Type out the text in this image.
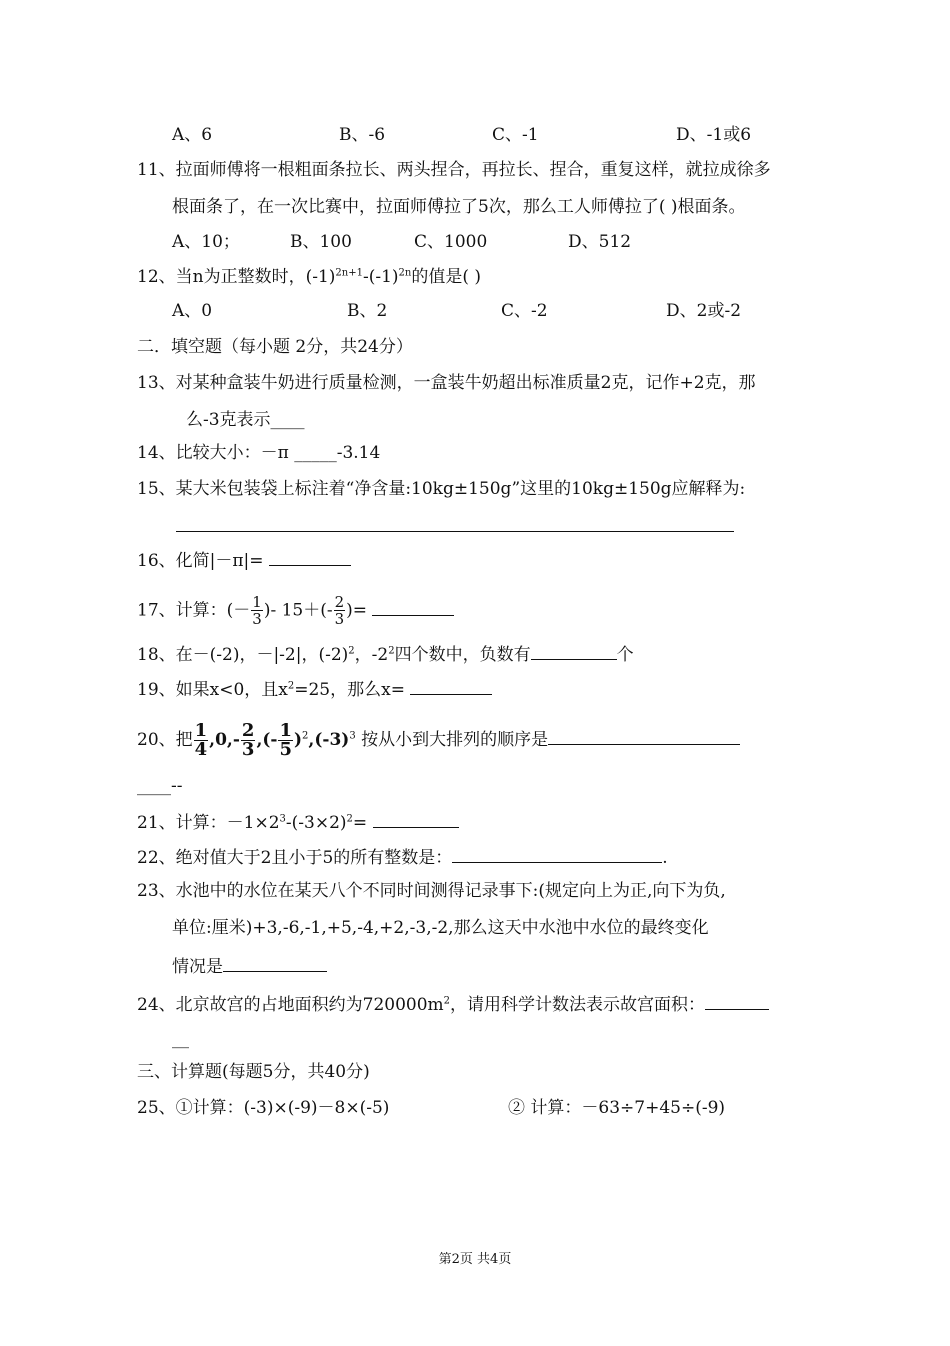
A、6	B、-6	C、-1	D、-1或6
11、拉面师傅将一根粗面条拉长、两头捏合，再拉长、捏合，重复这样，就拉成徐多
根面条了，在一次比赛中，拉面师傅拉了5次，那么工人师傅拉了( )根面条。
A、10；	B、100	C、1000	D、512
12、当n为正整数时，$(-1)^{2n+1}-(-1)^{2n}$的值是( )
A、0	B、2	C、-2	D、2或-2
二．填空题（每小题 2分，共24分）
13、对某种盒装牛奶进行质量检测，一盒装牛奶超出标准质量2克，记作+2克，那
么-3克表示____
14、比较大小：－π _____-3.14
15、某大米包装袋上标注着“净含量:10kg±150g”这里的10kg±150g应解释为:
16、化简|－π|=
17、计算：(－ $\frac{1}{3}$ )- $15+(- \frac{2}{3}$ )=
18、在－(-2)，－|-2|，$(-2)^2$，$-2^2$四个数中，负数有	个
19、如果x<0，且$x^2=25$，那么x=
20、把 $\frac{1}{4} ,0,- \frac{2}{3}$ ,(- $\frac{1}{5} )^2,(-3)^3$ 按从小到大排列的顺序是
____--
21、计算：$-1\times 2^3-(-3\times 2)^2=$
22、绝对值大于2且小于5的所有整数是：	.
23、水池中的水位在某天八个不同时间测得记录事下:(规定向上为正,向下为负,
单位:厘米)+3,-6,-1,+5,-4,+2,-3,-2,那么这天中水池中水位的最终变化
情况是
24、北京故宫的占地面积约为$720000m^2$，请用科学计数法表示故宫面积：
__
三、计算题(每题5分，共40分)
25、①计算：(-3)×(-9)－8×(-5)	② 计算：－63÷7+45÷(-9)
第2页 共4页
